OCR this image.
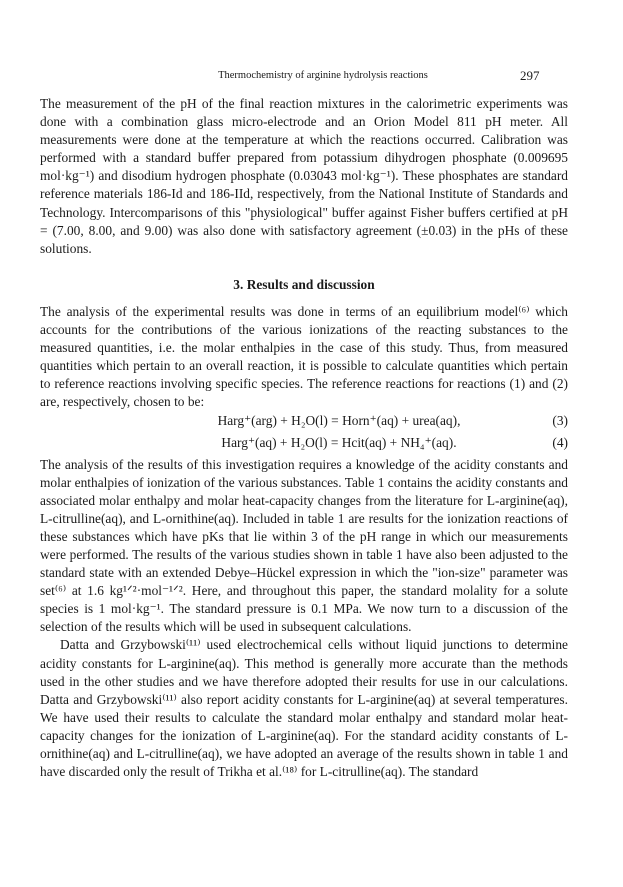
Thermochemistry of arginine hydrolysis reactions	297

The measurement of the pH of the final reaction mixtures in the calorimetric experiments was done with a combination glass micro-electrode and an Orion Model 811 pH meter. All measurements were done at the temperature at which the reactions occurred. Calibration was performed with a standard buffer prepared from potassium dihydrogen phosphate (0.009695 mol·kg⁻¹) and disodium hydrogen phosphate (0.03043 mol·kg⁻¹). These phosphates are standard reference materials 186-Id and 186-IId, respectively, from the National Institute of Standards and Technology. Intercomparisons of this "physiological" buffer against Fisher buffers certified at pH = (7.00, 8.00, and 9.00) was also done with satisfactory agreement (±0.03) in the pHs of these solutions.

3. Results and discussion

The analysis of the experimental results was done in terms of an equilibrium model⁽⁶⁾ which accounts for the contributions of the various ionizations of the reacting substances to the measured quantities, i.e. the molar enthalpies in the case of this study. Thus, from measured quantities which pertain to an overall reaction, it is possible to calculate quantities which pertain to reference reactions involving specific species. The reference reactions for reactions (1) and (2) are, respectively, chosen to be:

Harg⁺(arg) + H₂O(l) = Horn⁺(aq) + urea(aq),	(3)
Harg⁺(aq) + H₂O(l) = Hcit(aq) + NH₄⁺(aq).	(4)

The analysis of the results of this investigation requires a knowledge of the acidity constants and molar enthalpies of ionization of the various substances. Table 1 contains the acidity constants and associated molar enthalpy and molar heat-capacity changes from the literature for L-arginine(aq), L-citrulline(aq), and L-ornithine(aq). Included in table 1 are results for the ionization reactions of these substances which have pKs that lie within 3 of the pH range in which our measurements were performed. The results of the various studies shown in table 1 have also been adjusted to the standard state with an extended Debye–Hückel expression in which the "ion-size" parameter was set⁽⁶⁾ at 1.6 kg¹ᐟ²·mol⁻¹ᐟ². Here, and throughout this paper, the standard molality for a solute species is 1 mol·kg⁻¹. The standard pressure is 0.1 MPa. We now turn to a discussion of the selection of the results which will be used in subsequent calculations.

Datta and Grzybowski⁽¹¹⁾ used electrochemical cells without liquid junctions to determine acidity constants for L-arginine(aq). This method is generally more accurate than the methods used in the other studies and we have therefore adopted their results for use in our calculations. Datta and Grzybowski⁽¹¹⁾ also report acidity constants for L-arginine(aq) at several temperatures. We have used their results to calculate the standard molar enthalpy and standard molar heat-capacity changes for the ionization of L-arginine(aq). For the standard acidity constants of L-ornithine(aq) and L-citrulline(aq), we have adopted an average of the results shown in table 1 and have discarded only the result of Trikha et al.⁽¹⁸⁾ for L-citrulline(aq). The standard
